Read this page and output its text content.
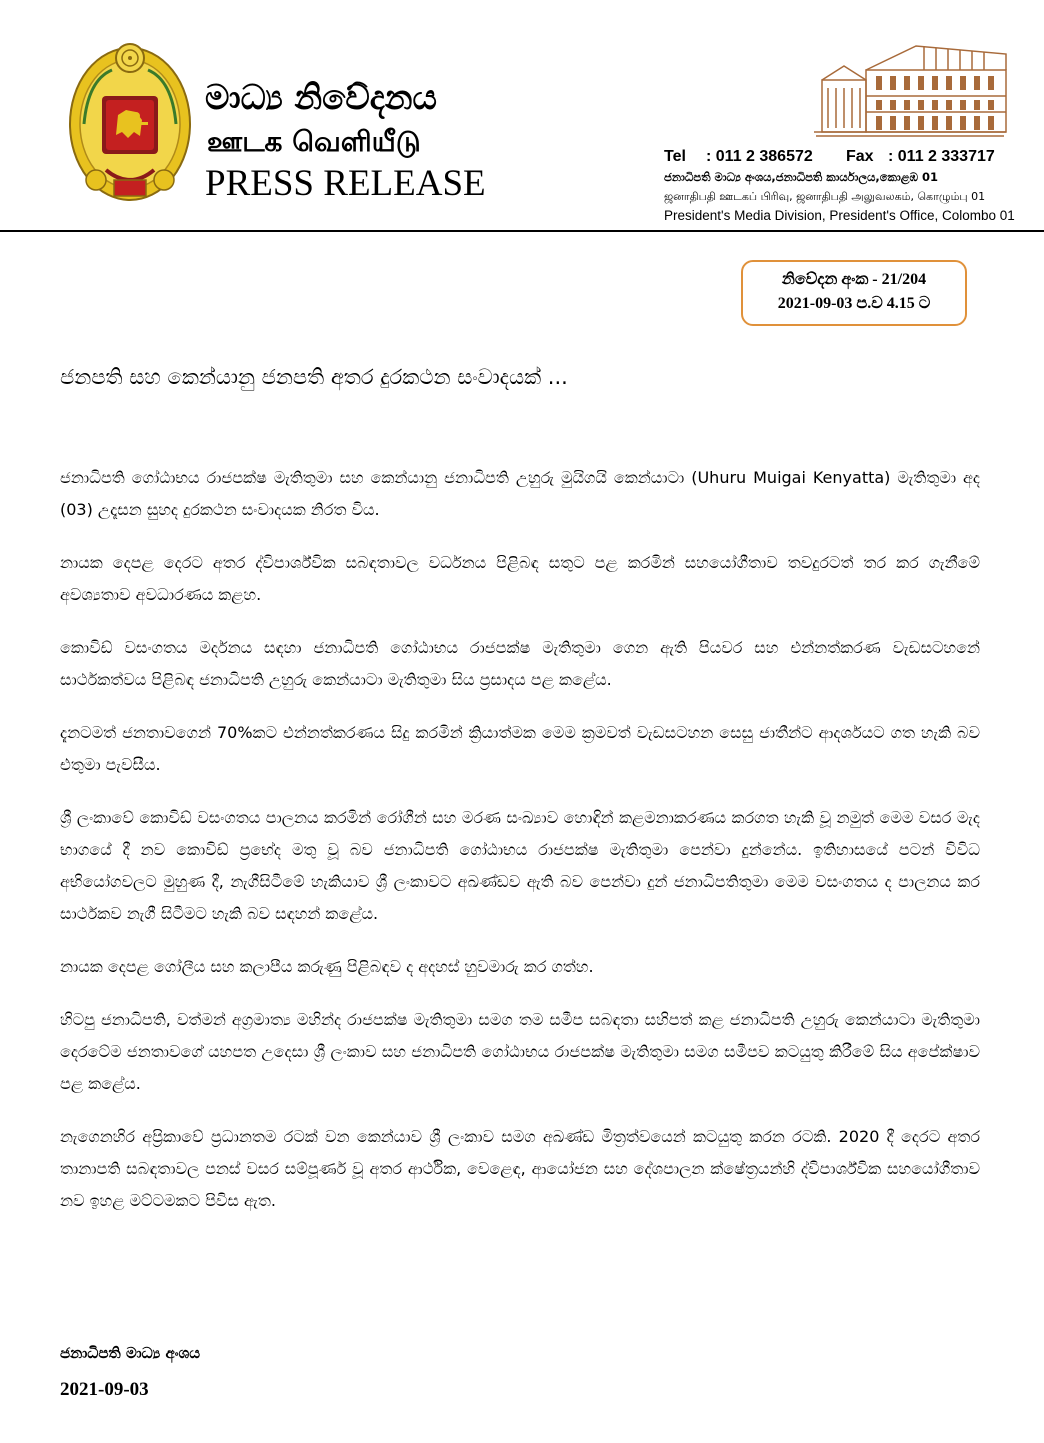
මාධ්‍ය නිවේදනය

ஊடக வெளியீடு

PRESS RELEASE

Tel : 011 2 386572 Fax : 011 2 333717

ජනාධිපති මාධ්‍ය අංශය,ජනාධිපති කාර්යාලය,කොළඹ 01

ஜனாதிபதி ஊடகப் பிரிவு, ஜனாதிபதி அலுவலகம், கொழும்பு 01

President's Media Division, President's Office, Colombo 01

නිවේදන අංක - 21/204

2021-09-03 ප.ව 4.15 ට

ජනපති සහ කෙන්යානු ජනපති අතර දුරකථන සංවාදයක් ...

ජනාධිපති ගෝඨාභය රාජපක්ෂ මැතිතුමා සහ කෙන්යානු ජනාධිපති උහුරු මුයිගයි කෙන්යාටා (Uhuru Muigai Kenyatta) මැතිතුමා අද (03) උදෑසන සුහද දුරකථන සංවාදයක නිරත විය.

නායක දෙපළ දෙරට අතර ද්විපාර්ශ්වික සබඳතාවල වර්ධනය පිළිබඳ සතුට පළ කරමින් සහයෝගීතාව තවදුරටත් තර කර ගැනීමේ අවශ්‍යතාව අවධාරණය කළහ.

කොවිඩ් වසංගතය මර්දනය සඳහා ජනාධිපති ගෝඨාභය රාජපක්ෂ මැතිතුමා ගෙන ඇති පියවර සහ එන්නත්කරණ වැඩසටහනේ සාර්ථකත්වය පිළිබඳ ජනාධිපති උහුරු කෙන්යාටා මැතිතුමා සිය ප්‍රසාදය පළ කළේය.

දැනටමත් ජනතාවගෙන් 70%කට එන්නත්කරණය සිදු කරමින් ක්‍රියාත්මක මෙම ක්‍රමවත් වැඩසටහන සෙසු ජාතීන්ට ආදර්ශයට ගත හැකි බව එතුමා පැවසීය.

ශ්‍රී ලංකාවේ කොවිඩ් වසංගතය පාලනය කරමින් රෝගීන් සහ මරණ සංඛ්‍යාව හොඳින් කළමනාකරණය කරගත හැකි වූ නමුත් මෙම වසර මැද භාගයේ දී නව කොවිඩ් ප්‍රභේද මතු වූ බව ජනාධිපති ගෝඨාභය රාජපක්ෂ මැතිතුමා පෙන්වා දුන්නේය. ඉතිහාසයේ පටන් විවිධ අභියෝගවලට මුහුණ දී, නැගීසිටීමේ හැකියාව ශ්‍රී ලංකාවට අඛණ්ඩව ඇති බව පෙන්වා දුන් ජනාධිපතිතුමා මෙම වසංගතය ද පාලනය කර සාර්ථකව නැගී සිටීමට හැකි බව සඳහන් කළේය.

නායක දෙපළ ගෝලීය සහ කලාපීය කරුණු පිළිබඳව ද අදහස් හුවමාරු කර ගත්හ.

හිටපු ජනාධිපති, වත්මන් අග්‍රමාත්‍ය මහින්ද රාජපක්ෂ මැතිතුමා සමග තම සමීප සබඳතා සහිපත් කළ ජනාධිපති උහුරු කෙන්යාටා මැතිතුමා දෙරටේම ජනතාවගේ යහපත උදෙසා ශ්‍රී ලංකාව සහ ජනාධිපති ගෝඨාභය රාජපක්ෂ මැතිතුමා සමග සමීපව කටයුතු කිරීමේ සිය අපේක්ෂාව පළ කළේය.

නැගෙනහිර අප්‍රිකාවේ ප්‍රධානතම රටක් වන කෙන්යාව ශ්‍රී ලංකාව සමග අඛණ්ඩ මිත්‍රත්වයෙන් කටයුතු කරන රටකි. 2020 දී දෙරට අතර තානාපති සබඳතාවල පනස් වසර සම්පූර්ණ වූ අතර ආර්ථික, වෙළෙඳ, ආයෝජන සහ දේශපාලන ක්ෂේත්‍රයන්හි ද්විපාර්ශ්වික සහයෝගීතාව නව ඉහළ මට්ටමකට පිවිස ඇත.

ජනාධිපති මාධ්‍ය අංශය

2021-09-03
